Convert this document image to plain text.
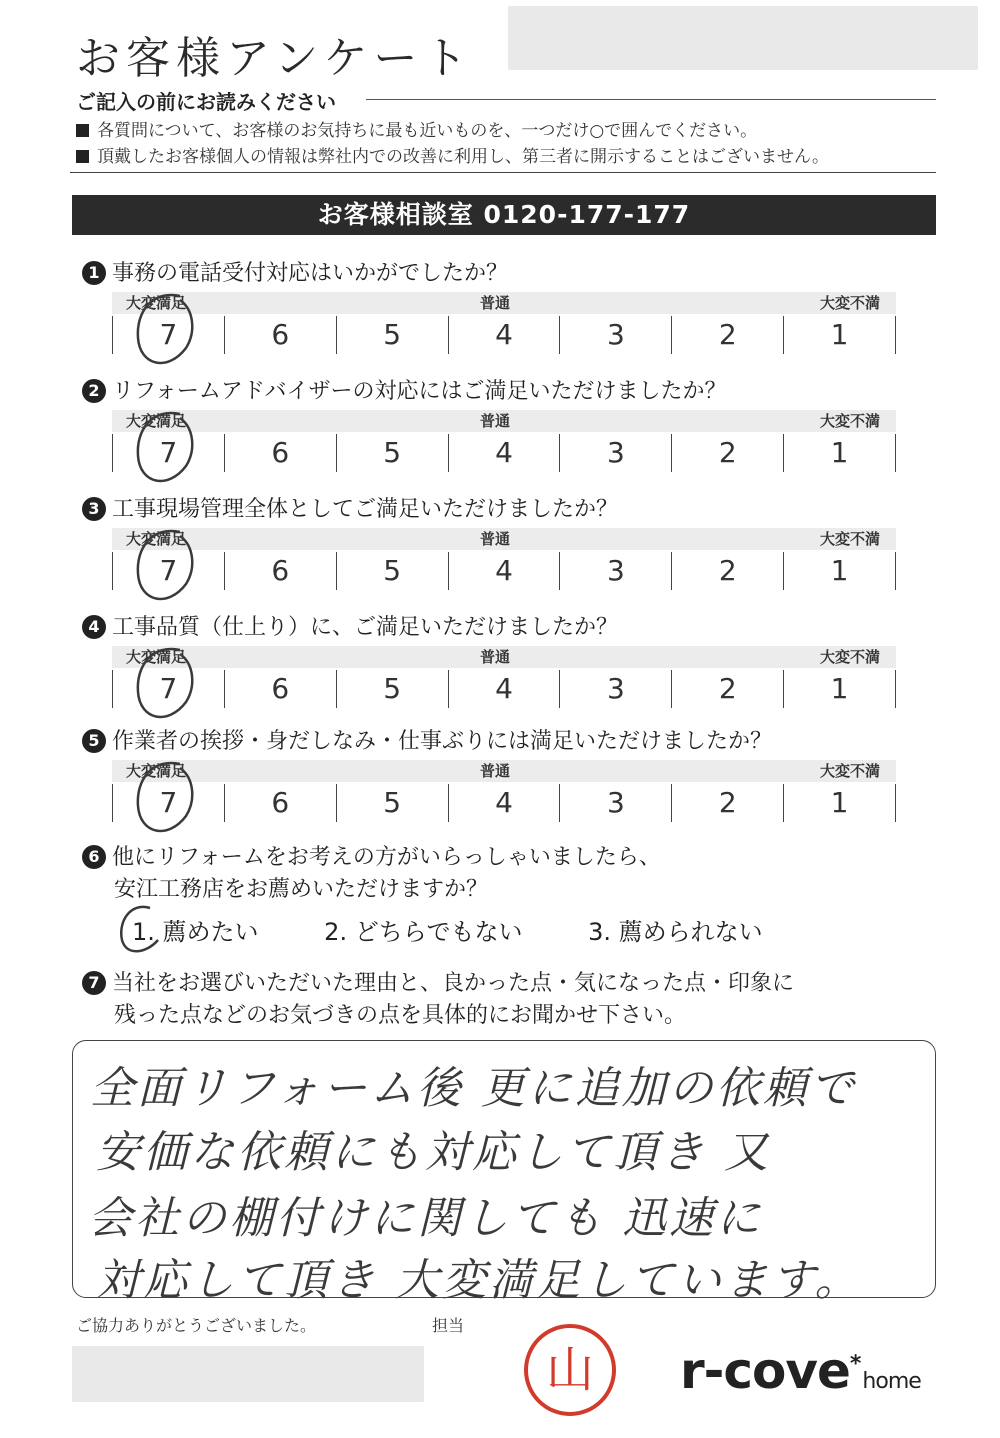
お客様アンケート
ご記入の前にお読みください
各質問について、お客様のお気持ちに最も近いものを、一つだけ○で囲んでください。
頂戴したお客様個人の情報は弊社内での改善に利用し、第三者に開示することはございません。
お客様相談室 0120-177-177
1 事務の電話受付対応はいかがでしたか？
大変満足	普通	大変不満
7	6	5	4	3	2	1
2 リフォームアドバイザーの対応にはご満足いただけましたか？
大変満足	普通	大変不満
7	6	5	4	3	2	1
3 工事現場管理全体としてご満足いただけましたか？
大変満足	普通	大変不満
7	6	5	4	3	2	1
4 工事品質（仕上り）に、ご満足いただけましたか？
大変満足	普通	大変不満
7	6	5	4	3	2	1
5 作業者の挨拶・身だしなみ・仕事ぶりには満足いただけましたか？
大変満足	普通	大変不満
7	6	5	4	3	2	1
6 他にリフォームをお考えの方がいらっしゃいましたら、
安江工務店をお薦めいただけますか？
1. 薦めたい	2. どちらでもない	3. 薦められない
7 当社をお選びいただいた理由と、良かった点・気になった点・印象に
残った点などのお気づきの点を具体的にお聞かせ下さい。
全面リフォーム後 更に追加の依頼で
安価な依頼にも対応して頂き 又
会社の棚付けに関しても 迅速に
対応して頂き 大変満足しています。
ご協力ありがとうございました。	担当
山 r-cove*home
